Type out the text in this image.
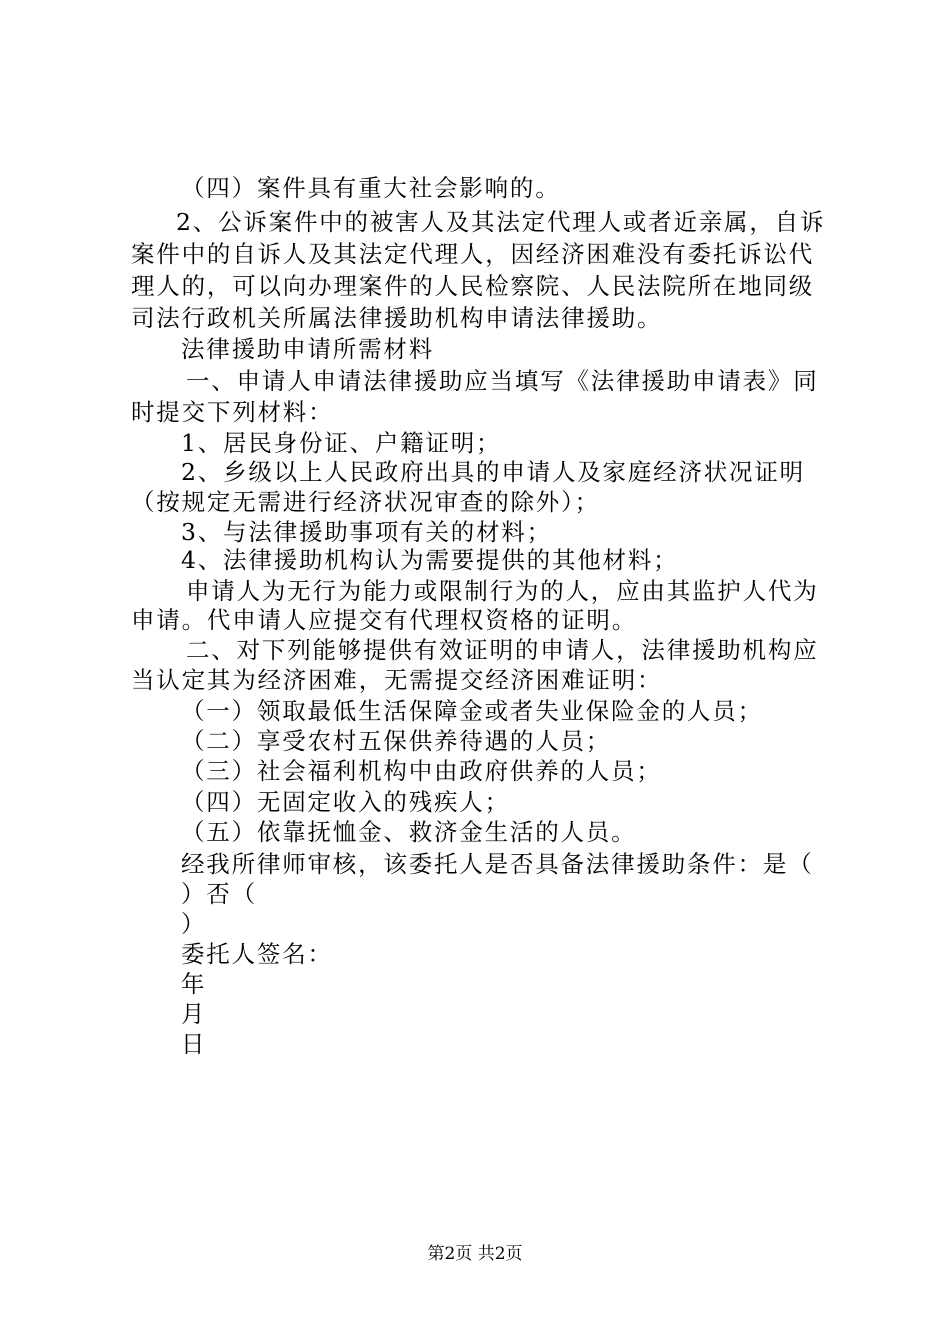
（四）案件具有重大社会影响的。
2、公诉案件中的被害人及其法定代理人或者近亲属，自诉
案件中的自诉人及其法定代理人，因经济困难没有委托诉讼代
理人的，可以向办理案件的人民检察院、人民法院所在地同级
司法行政机关所属法律援助机构申请法律援助。
法律援助申请所需材料
一、申请人申请法律援助应当填写《法律援助申请表》同
时提交下列材料：
1、居民身份证、户籍证明；
2、乡级以上人民政府出具的申请人及家庭经济状况证明
（按规定无需进行经济状况审查的除外）；
3、与法律援助事项有关的材料；
4、法律援助机构认为需要提供的其他材料；
申请人为无行为能力或限制行为的人，应由其监护人代为
申请。代申请人应提交有代理权资格的证明。
二、对下列能够提供有效证明的申请人，法律援助机构应
当认定其为经济困难，无需提交经济困难证明：
（一）领取最低生活保障金或者失业保险金的人员；
（二）享受农村五保供养待遇的人员；
（三）社会福利机构中由政府供养的人员；
（四）无固定收入的残疾人；
（五）依靠抚恤金、救济金生活的人员。
经我所律师审核，该委托人是否具备法律援助条件：是（
）否（
）
委托人签名：
年
月
日
第2页 共2页
